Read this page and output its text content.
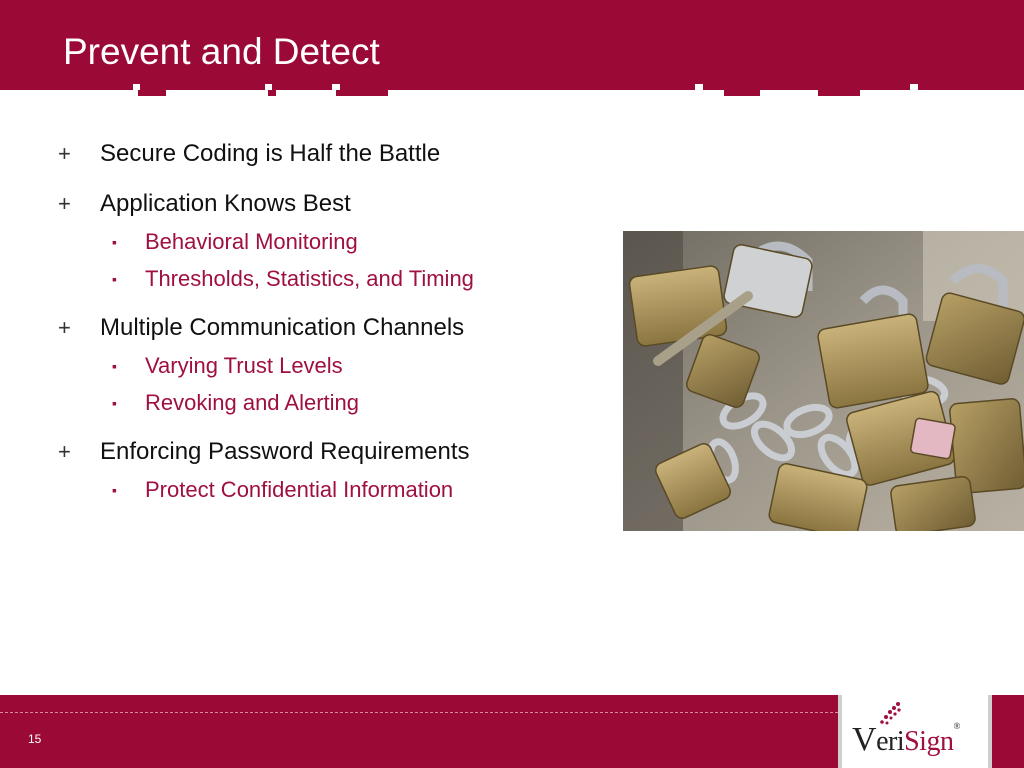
Prevent and Detect
+ Secure Coding is Half the Battle
+ Application Knows Best
▪ Behavioral Monitoring
▪ Thresholds, Statistics, and Timing
+ Multiple Communication Channels
▪ Varying Trust Levels
▪ Revoking and Alerting
+ Enforcing Password Requirements
▪ Protect Confidential Information
15	VeriSign®
